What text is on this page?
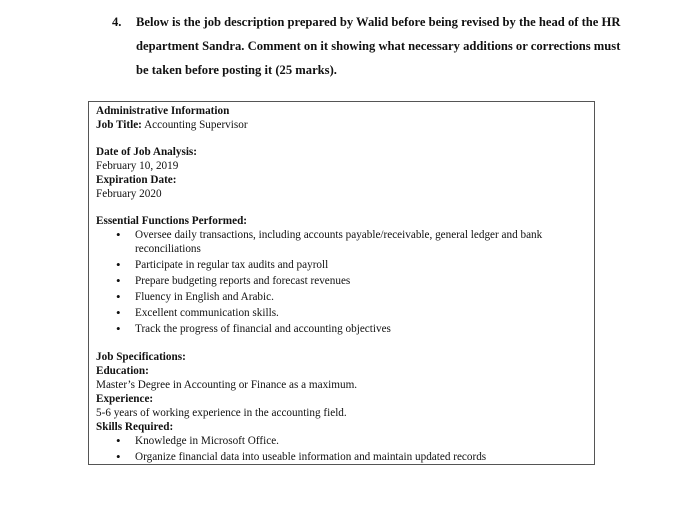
4. Below is the job description prepared by Walid before being revised by the head of the HR department Sandra. Comment on it showing what necessary additions or corrections must be taken before posting it (25 marks).
Administrative Information
Job Title: Accounting Supervisor
Date of Job Analysis:
February 10, 2019
Expiration Date:
February 2020
Essential Functions Performed:
• Oversee daily transactions, including accounts payable/receivable, general ledger and bank reconciliations
• Participate in regular tax audits and payroll
• Prepare budgeting reports and forecast revenues
• Fluency in English and Arabic.
• Excellent communication skills.
• Track the progress of financial and accounting objectives
Job Specifications:
Education:
Master’s Degree in Accounting or Finance as a maximum.
Experience:
5-6 years of working experience in the accounting field.
Skills Required:
• Knowledge in Microsoft Office.
• Organize financial data into useable information and maintain updated records
